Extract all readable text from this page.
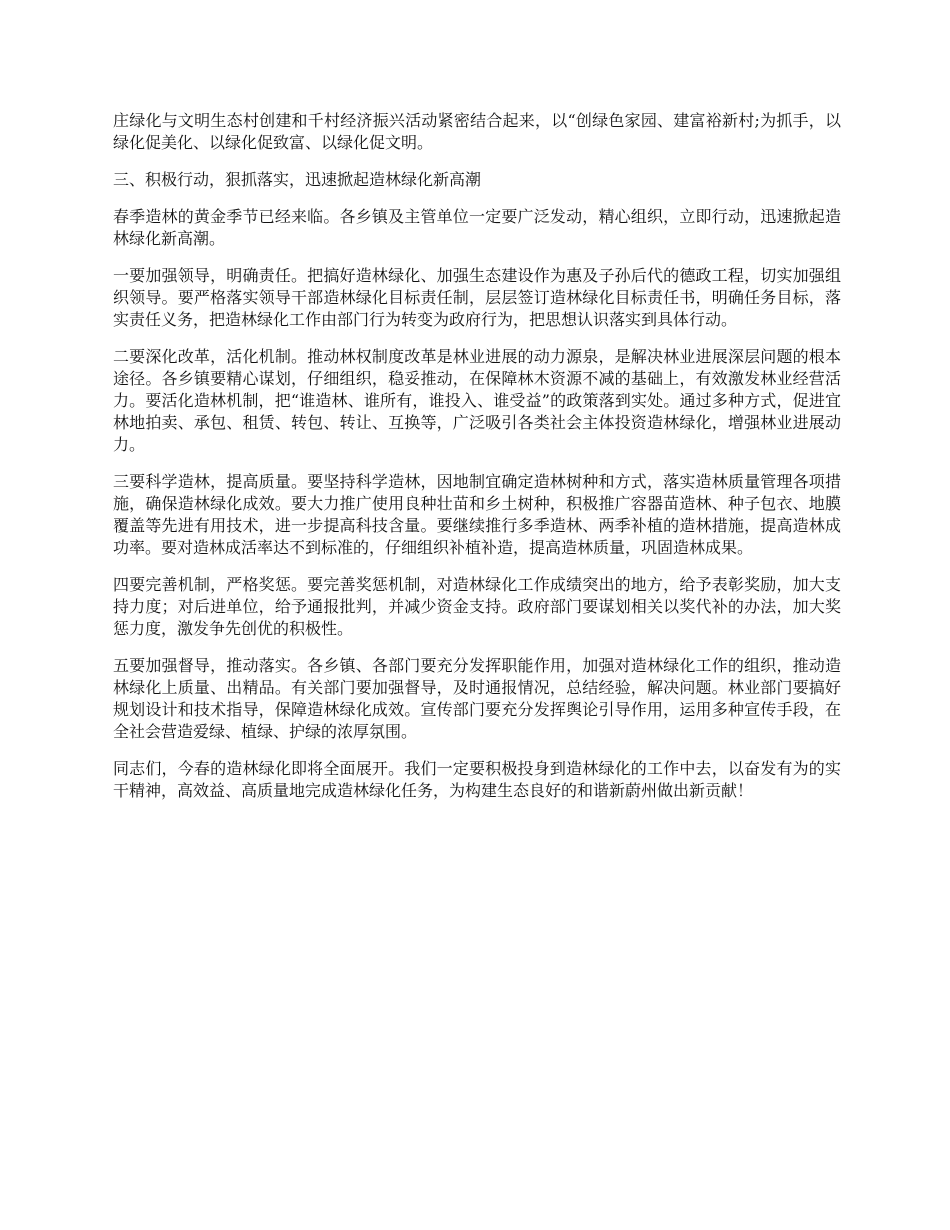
庄绿化与文明生态村创建和千村经济振兴活动紧密结合起来，以“创绿色家园、建富裕新村;为抓手，以绿化促美化、以绿化促致富、以绿化促文明。

三、积极行动，狠抓落实，迅速掀起造林绿化新高潮

春季造林的黄金季节已经来临。各乡镇及主管单位一定要广泛发动，精心组织，立即行动，迅速掀起造林绿化新高潮。

一要加强领导，明确责任。把搞好造林绿化、加强生态建设作为惠及子孙后代的德政工程，切实加强组织领导。要严格落实领导干部造林绿化目标责任制，层层签订造林绿化目标责任书，明确任务目标，落实责任义务，把造林绿化工作由部门行为转变为政府行为，把思想认识落实到具体行动。

二要深化改革，活化机制。推动林权制度改革是林业进展的动力源泉，是解决林业进展深层问题的根本途径。各乡镇要精心谋划，仔细组织，稳妥推动，在保障林木资源不减的基础上，有效激发林业经营活力。要活化造林机制，把“谁造林、谁所有，谁投入、谁受益”的政策落到实处。通过多种方式，促进宜林地拍卖、承包、租赁、转包、转让、互换等，广泛吸引各类社会主体投资造林绿化，增强林业进展动力。

三要科学造林，提高质量。要坚持科学造林，因地制宜确定造林树种和方式，落实造林质量管理各项措施，确保造林绿化成效。要大力推广使用良种壮苗和乡土树种，积极推广容器苗造林、种子包衣、地膜覆盖等先进有用技术，进一步提高科技含量。要继续推行多季造林、两季补植的造林措施，提高造林成功率。要对造林成活率达不到标准的，仔细组织补植补造，提高造林质量，巩固造林成果。

四要完善机制，严格奖惩。要完善奖惩机制，对造林绿化工作成绩突出的地方，给予表彰奖励，加大支持力度；对后进单位，给予通报批判，并减少资金支持。政府部门要谋划相关以奖代补的办法，加大奖惩力度，激发争先创优的积极性。

五要加强督导，推动落实。各乡镇、各部门要充分发挥职能作用，加强对造林绿化工作的组织，推动造林绿化上质量、出精品。有关部门要加强督导，及时通报情况，总结经验，解决问题。林业部门要搞好规划设计和技术指导，保障造林绿化成效。宣传部门要充分发挥舆论引导作用，运用多种宣传手段，在全社会营造爱绿、植绿、护绿的浓厚氛围。

同志们，今春的造林绿化即将全面展开。我们一定要积极投身到造林绿化的工作中去，以奋发有为的实干精神，高效益、高质量地完成造林绿化任务，为构建生态良好的和谐新蔚州做出新贡献！
